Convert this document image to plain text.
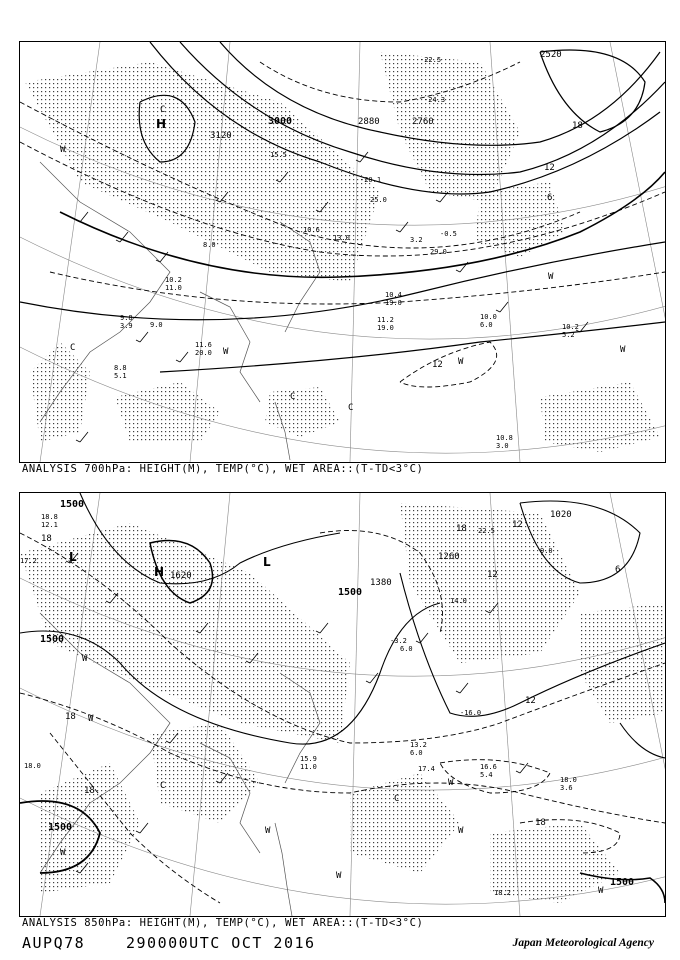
3000
3120
2880	2760
2520
12
18
12
6
H
C
C
C
C
W
W
W
W
W
10.2
11.0
8.0
9.0
11.6
20.0
10.0
6.0	10.2
5.2
10.4
19.0
11.2
19.0
10.8
3.0
9.8
3.9
8.8
5.1
-0.5
-22.5
-24.3
-20.1
25.0
15.5
10.6
13.0	3.2
29.0
ANALYSIS 700hPa: HEIGHT(M), TEMP(°C), WET AREA::(T-TD<3°C)
1500
1500
1500
1500
1500
1620
1380
1260
1020
18
18
18
12
12
6
18	12
18
H
L	L
C
C
W
W
W
W
W
W
W
W
18.8
12.1
17.2
18.0	16.6
5.4
18.0
3.6
18.2
13.2
6.0
17.4
15.9
11.0
-3.2
6.0
-16.0
22.5
14.0
9.0
ANALYSIS 850hPa: HEIGHT(M), TEMP(°C), WET AREA::(T-TD<3°C)
AUPQ78	290000UTC OCT 2016	Japan Meteorological Agency
